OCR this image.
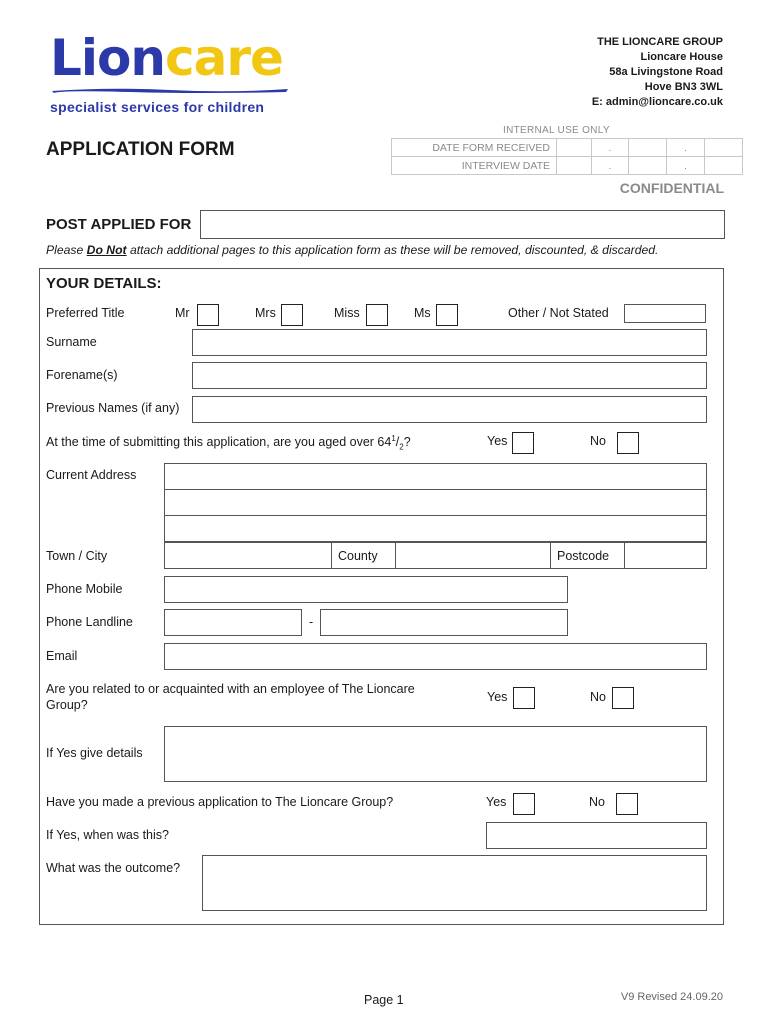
Lioncare
specialist services for children
THE LIONCARE GROUP
Lioncare House
58a Livingstone Road
Hove BN3 3WL
E: admin@lioncare.co.uk
APPLICATION FORM
INTERNAL USE ONLY
DATE FORM RECEIVED		.		.	
INTERVIEW DATE		.		.	
CONFIDENTIAL
POST APPLIED FOR
Please Do Not attach additional pages to this application form as these will be removed, discounted, & discarded.
YOUR DETAILS:
Preferred Title	Mr	Mrs	Miss	Ms	Other / Not Stated
Surname
Forename(s)
Previous Names (if any)
At the time of submitting this application, are you aged over $64^1/_2$?	Yes	No
Current Address
Town / City	County	Postcode
Phone Mobile
Phone Landline	-
Email
Are you related to or acquainted with an employee of The Lioncare
Group?
Yes	No
If Yes give details
Have you made a previous application to The Lioncare Group?	Yes	No
If Yes, when was this?
What was the outcome?
Page 1	V9 Revised 24.09.20
